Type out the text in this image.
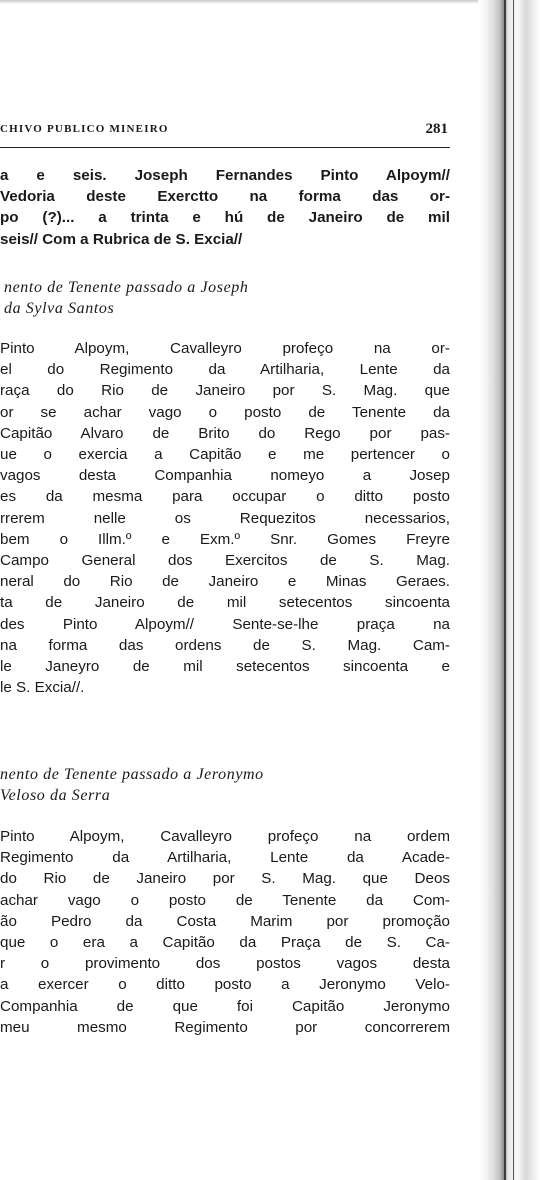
CHIVO PUBLICO MINEIRO	281
a e seis. Joseph Fernandes Pinto Alpoym//
Vedoria deste Exerctto na forma das or-
po (?)... a trinta e hú de Janeiro de mil
seis// Com a Rubrica de S. Excia//
nento de Tenente passado a Joseph
da Sylva Santos
Pinto Alpoym, Cavalleyro profeço na or-
el do Regimento da Artilharia, Lente da
raça do Rio de Janeiro por S. Mag. que
or se achar vago o posto de Tenente da
Capitão Alvaro de Brito do Rego por pas-
ue o exercia a Capitão e me pertencer o
vagos desta Companhia nomeyo a Josep
es da mesma para occupar o ditto posto
rrerem nelle os Requezitos necessarios,
bem o Illm.º e Exm.º Snr. Gomes Freyre
Campo General dos Exercitos de S. Mag.
neral do Rio de Janeiro e Minas Geraes.
ta de Janeiro de mil setecentos sincoenta
des Pinto Alpoym// Sente-se-lhe praça na
na forma das ordens de S. Mag. Cam-
le Janeyro de mil setecentos sincoenta e
le S. Excia//.
nento de Tenente passado a Jeronymo
Veloso da Serra
Pinto Alpoym, Cavalleyro profeço na ordem
Regimento da Artilharia, Lente da Acade-
do Rio de Janeiro por S. Mag. que Deos
achar vago o posto de Tenente da Com-
ão Pedro da Costa Marim por promoção
que o era a Capitão da Praça de S. Ca-
r o provimento dos postos vagos desta
a exercer o ditto posto a Jeronymo Velo-
Companhia de que foi Capitão Jeronymo
meu mesmo Regimento por concorrerem
